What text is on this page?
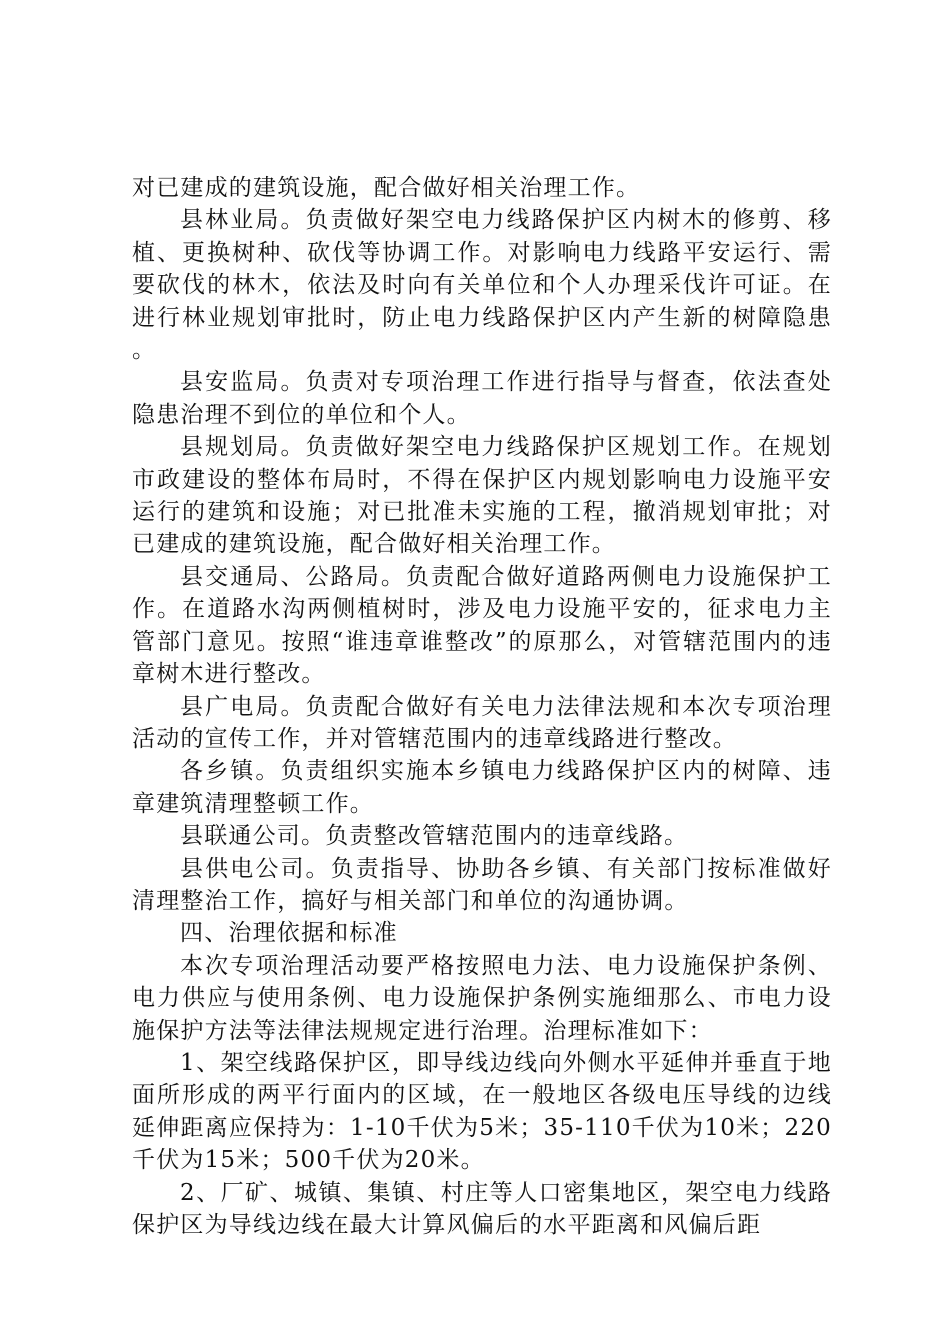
对已建成的建筑设施，配合做好相关治理工作。

县林业局。负责做好架空电力线路保护区内树木的修剪、移植、更换树种、砍伐等协调工作。对影响电力线路平安运行、需要砍伐的林木，依法及时向有关单位和个人办理采伐许可证。在进行林业规划审批时，防止电力线路保护区内产生新的树障隐患。

县安监局。负责对专项治理工作进行指导与督查，依法查处隐患治理不到位的单位和个人。

县规划局。负责做好架空电力线路保护区规划工作。在规划市政建设的整体布局时，不得在保护区内规划影响电力设施平安运行的建筑和设施；对已批准未实施的工程，撤消规划审批；对已建成的建筑设施，配合做好相关治理工作。

县交通局、公路局。负责配合做好道路两侧电力设施保护工作。在道路水沟两侧植树时，涉及电力设施平安的，征求电力主管部门意见。按照“谁违章谁整改”的原那么，对管辖范围内的违章树木进行整改。

县广电局。负责配合做好有关电力法律法规和本次专项治理活动的宣传工作，并对管辖范围内的违章线路进行整改。

各乡镇。负责组织实施本乡镇电力线路保护区内的树障、违章建筑清理整顿工作。

县联通公司。负责整改管辖范围内的违章线路。

县供电公司。负责指导、协助各乡镇、有关部门按标准做好清理整治工作，搞好与相关部门和单位的沟通协调。

四、治理依据和标准

本次专项治理活动要严格按照电力法、电力设施保护条例、电力供应与使用条例、电力设施保护条例实施细那么、市电力设施保护方法等法律法规规定进行治理。治理标准如下：

1、架空线路保护区，即导线边线向外侧水平延伸并垂直于地面所形成的两平行面内的区域，在一般地区各级电压导线的边线延伸距离应保持为：1-10千伏为5米；35-110千伏为10米；220千伏为15米；500千伏为20米。

2、厂矿、城镇、集镇、村庄等人口密集地区，架空电力线路保护区为导线边线在最大计算风偏后的水平距离和风偏后距
